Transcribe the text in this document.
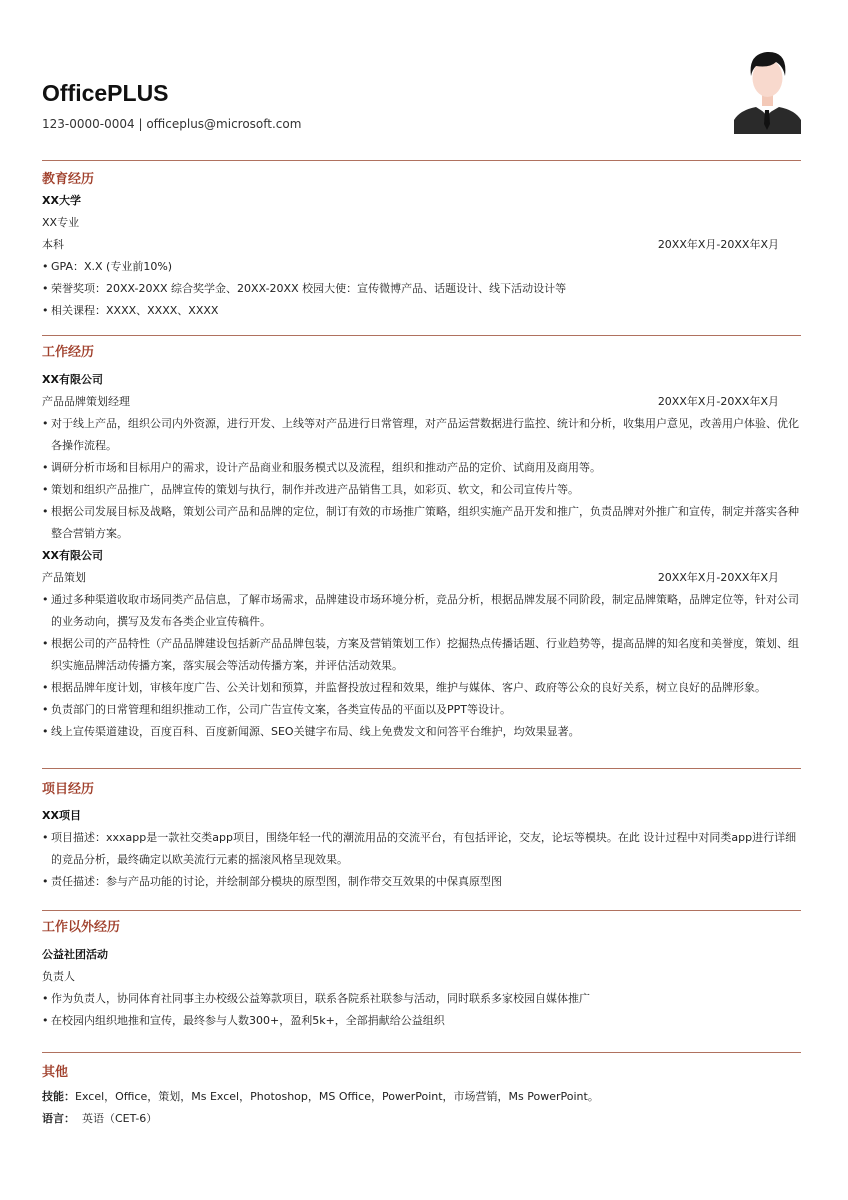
OfficePLUS
123-0000-0004 | officeplus@microsoft.com
教育经历
XX大学
XX专业
本科	20XX年X月-20XX年X月
• GPA：X.X (专业前10%)
• 荣誉奖项：20XX-20XX 综合奖学金、20XX-20XX 校园大使：宣传微博产品、话题设计、线下活动设计等
• 相关课程：XXXX、XXXX、XXXX
工作经历
XX有限公司
产品品牌策划经理	20XX年X月-20XX年X月
• 对于线上产品，组织公司内外资源，进行开发、上线等对产品进行日常管理，对产品运营数据进行监控、统计和分析，收集用户意见，改善用户体验、优化各操作流程。
• 调研分析市场和目标用户的需求，设计产品商业和服务模式以及流程，组织和推动产品的定价、试商用及商用等。
• 策划和组织产品推广，品牌宣传的策划与执行，制作并改进产品销售工具，如彩页、软文，和公司宣传片等。
• 根据公司发展目标及战略，策划公司产品和品牌的定位，制订有效的市场推广策略，组织实施产品开发和推广，负责品牌对外推广和宣传，制定并落实各种整合营销方案。
XX有限公司
产品策划	20XX年X月-20XX年X月
• 通过多种渠道收取市场同类产品信息，了解市场需求，品牌建设市场环境分析，竞品分析，根据品牌发展不同阶段，制定品牌策略，品牌定位等，针对公司的业务动向，撰写及发布各类企业宣传稿件。
• 根据公司的产品特性（产品品牌建设包括新产品品牌包装，方案及营销策划工作）挖掘热点传播话题、行业趋势等，提高品牌的知名度和美誉度，策划、组织实施品牌活动传播方案，落实展会等活动传播方案，并评估活动效果。
• 根据品牌年度计划，审核年度广告、公关计划和预算，并监督投放过程和效果，维护与媒体、客户、政府等公众的良好关系，树立良好的品牌形象。
• 负责部门的日常管理和组织推动工作，公司广告宣传文案，各类宣传品的平面以及PPT等设计。
• 线上宣传渠道建设，百度百科、百度新闻源、SEO关键字布局、线上免费发文和问答平台维护，均效果显著。
项目经历
XX项目
• 项目描述：xxxapp是一款社交类app项目，围绕年轻一代的潮流用品的交流平台，有包括评论，交友，论坛等模块。在此 设计过程中对同类app进行详细的竞品分析，最终确定以欧美流行元素的摇滚风格呈现效果。
• 责任描述：参与产品功能的讨论，并绘制部分模块的原型图，制作带交互效果的中保真原型图
工作以外经历
公益社团活动
负责人
• 作为负责人，协同体育社同事主办校级公益筹款项目，联系各院系社联参与活动，同时联系多家校园自媒体推广
• 在校园内组织地推和宣传，最终参与人数300+，盈利5k+，全部捐献给公益组织
其他
技能：Excel，Office，策划，Ms Excel，Photoshop，MS Office，PowerPoint，市场营销，Ms PowerPoint。
语言： 英语（CET-6）
